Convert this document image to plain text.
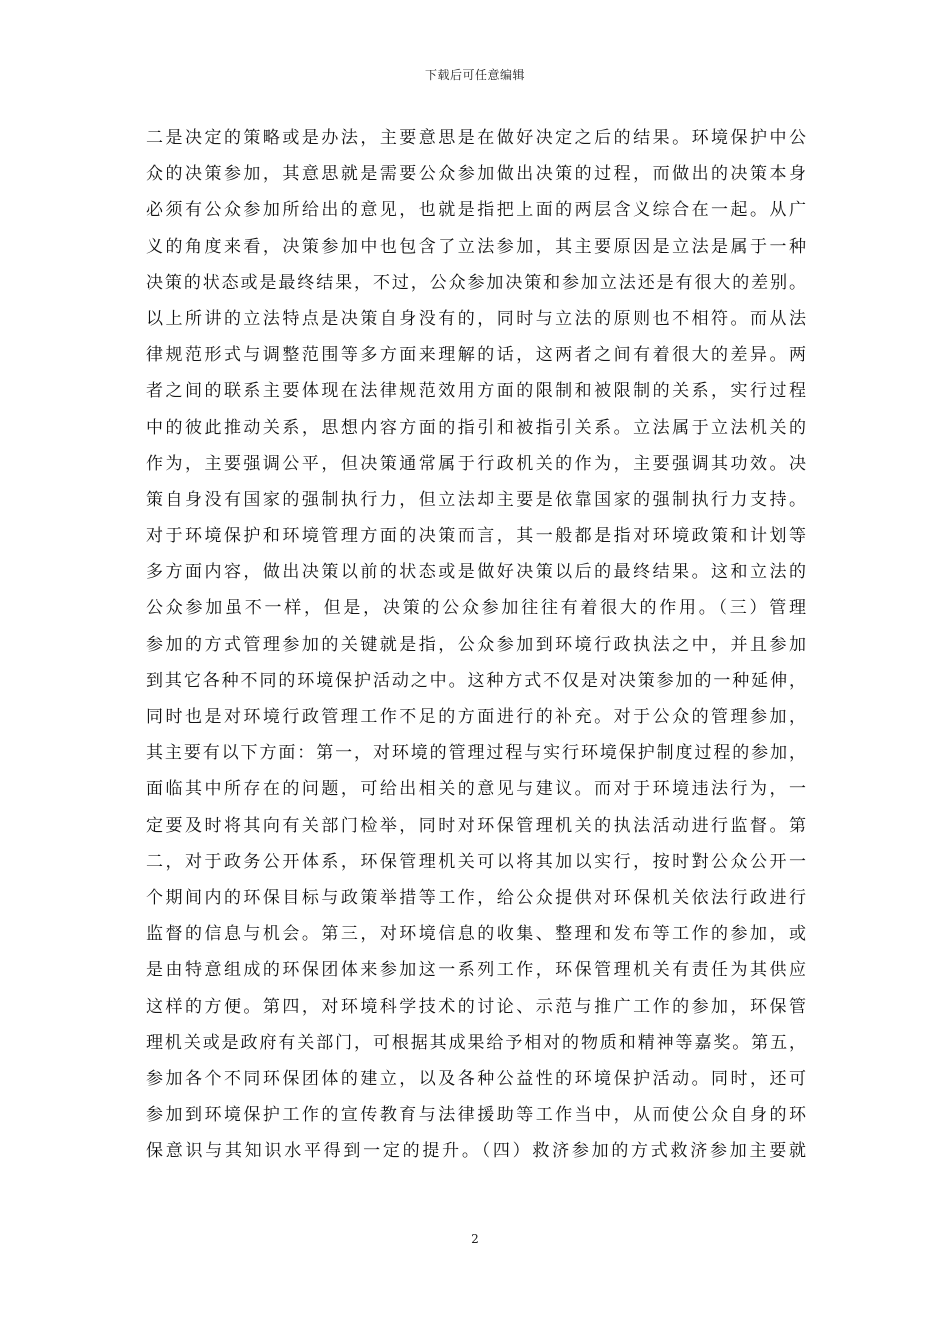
下载后可任意编辑
二是决定的策略或是办法，主要意思是在做好决定之后的结果。环境保护中公
众的决策参加，其意思就是需要公众参加做出决策的过程，而做出的决策本身
必须有公众参加所给出的意见，也就是指把上面的两层含义综合在一起。从广
义的角度来看，决策参加中也包含了立法参加，其主要原因是立法是属于一种
决策的状态或是最终结果，不过，公众参加决策和参加立法还是有很大的差别。
以上所讲的立法特点是决策自身没有的，同时与立法的原则也不相符。而从法
律规范形式与调整范围等多方面来理解的话，这两者之间有着很大的差异。两
者之间的联系主要体现在法律规范效用方面的限制和被限制的关系，实行过程
中的彼此推动关系，思想内容方面的指引和被指引关系。立法属于立法机关的
作为，主要强调公平，但决策通常属于行政机关的作为，主要强调其功效。决
策自身没有国家的强制执行力，但立法却主要是依靠国家的强制执行力支持。
对于环境保护和环境管理方面的决策而言，其一般都是指对环境政策和计划等
多方面内容，做出决策以前的状态或是做好决策以后的最终结果。这和立法的
公众参加虽不一样，但是，决策的公众参加往往有着很大的作用。（三）管理
参加的方式管理参加的关键就是指，公众参加到环境行政执法之中，并且参加
到其它各种不同的环境保护活动之中。这种方式不仅是对决策参加的一种延伸，
同时也是对环境行政管理工作不足的方面进行的补充。对于公众的管理参加，
其主要有以下方面：第一，对环境的管理过程与实行环境保护制度过程的参加，
面临其中所存在的问题，可给出相关的意见与建议。而对于环境违法行为，一
定要及时将其向有关部门检举，同时对环保管理机关的执法活动进行监督。第
二，对于政务公开体系，环保管理机关可以将其加以实行，按时對公众公开一
个期间内的环保目标与政策举措等工作，给公众提供对环保机关依法行政进行
监督的信息与机会。第三，对环境信息的收集、整理和发布等工作的参加，或
是由特意组成的环保团体来参加这一系列工作，环保管理机关有责任为其供应
这样的方便。第四，对环境科学技术的讨论、示范与推广工作的参加，环保管
理机关或是政府有关部门，可根据其成果给予相对的物质和精神等嘉奖。第五，
参加各个不同环保团体的建立，以及各种公益性的环境保护活动。同时，还可
参加到环境保护工作的宣传教育与法律援助等工作当中，从而使公众自身的环
保意识与其知识水平得到一定的提升。（四）救济参加的方式救济参加主要就
2
